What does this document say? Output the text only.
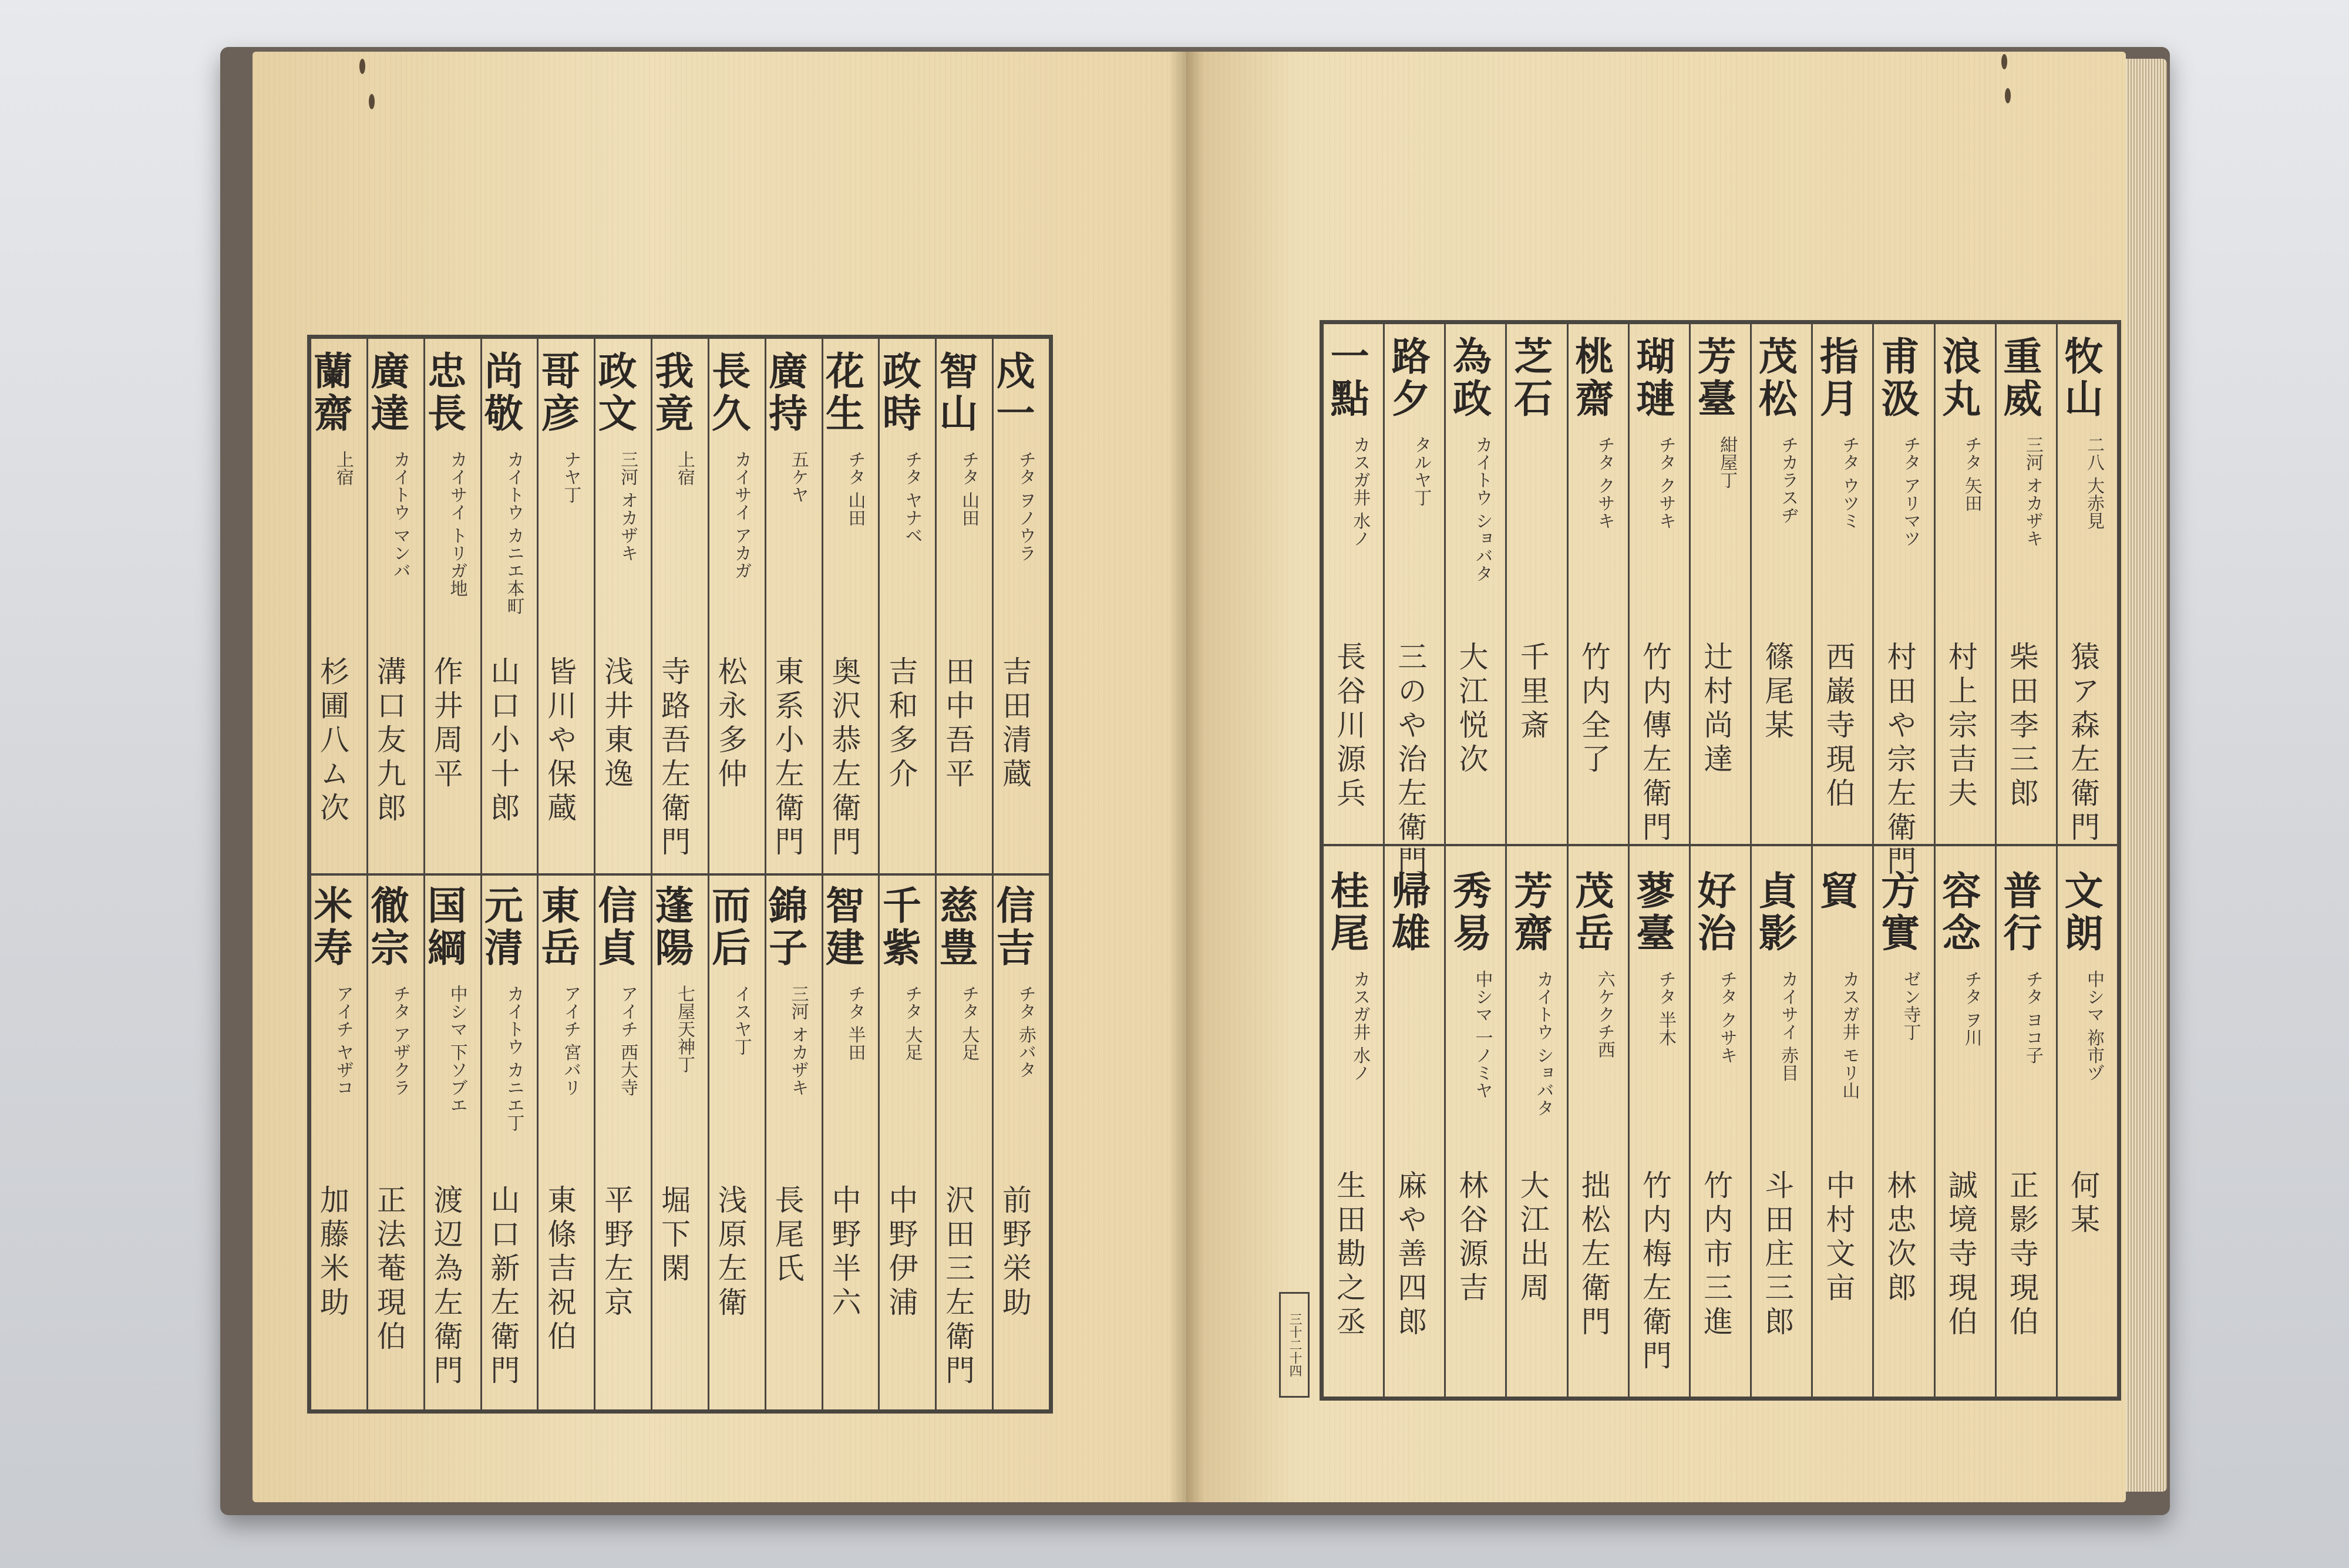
戍一
チタ ヲノウラ
吉田清蔵
信吉
チタ 赤バタ
前野栄助
智山
チタ 山田
田中吾平
慈豊
チタ 大足
沢田三左衛門
政時
チタ ヤナベ
吉和多介
千紫
チタ 大足
中野伊浦
花生
チタ 山田
奥沢恭左衛門
智建
チタ 半田
中野半六
廣持
五ケヤ
東系小左衛門
錦子
三河 オカザキ
長尾氏
長久
カイサイ アカガ
松永多仲
而后
イスヤ丁
浅原左衛
我竟
上宿
寺路吾左衛門
蓬陽
七屋天神丁
堀下閑
政文
三河 オカザキ
浅井東逸
信貞
アイチ 西大寺
平野左京
哥彦
ナヤ丁
皆川や保蔵
東岳
アイチ 宮バリ
東條吉祝伯
尚敬
カイトウ カニエ本町
山口小十郎
元清
カイトウ カニエ丁
山口新左衛門
忠長
カイサイ トリガ地
作井周平
国綱
中シマ 下ソブエ
渡辺為左衛門
廣達
カイトウ マンバ
溝口友九郎
徹宗
チタ アザクラ
正法菴現伯
蘭齋
上宿
杉圃八ム次
米寿
アイチ ヤザコ
加藤米助
牧山
二八 大赤見
猿ア森左衛門
文朗
中シマ 祢市ヅ
何某
重威
三河 オカザキ
柴田李三郎
普行
チタ ヨコ子
正影寺現伯
浪丸
チタ 矢田
村上宗吉夫
容念
チタ ヲ川
誠境寺現伯
甫汲
チタ アリマツ
村田や宗左衛門
方實
ゼン寺丁
林忠次郎
指月
チタ ウツミ
西巌寺現伯
貿
カスガ井 モリ山
中村文亩
茂松
チカラスヂ
篠尾某
貞影
カイサイ 赤目
斗田庄三郎
芳臺
紺屋丁
辻村尚達
好治
チタ クサキ
竹内市三進
瑚璉
チタ クサキ
竹内傳左衛門
蓼臺
チタ 半木
竹内梅左衛門
桃齋
チタ クサキ
竹内全了
茂岳
六ケクチ西
拙松左衛門
芝石
千里斎
芳齋
カイトウ ショバタ
大江出周
為政
カイトウ ショバタ
大江悦次
秀易
中シマ 一ノミヤ
林谷源吉
路夕
タルヤ丁
三のや治左衛門
帰雄
麻や善四郎
一點
カスガ井 水ノ
長谷川源兵
桂尾
カスガ井 水ノ
生田勘之丞
三十二十四
